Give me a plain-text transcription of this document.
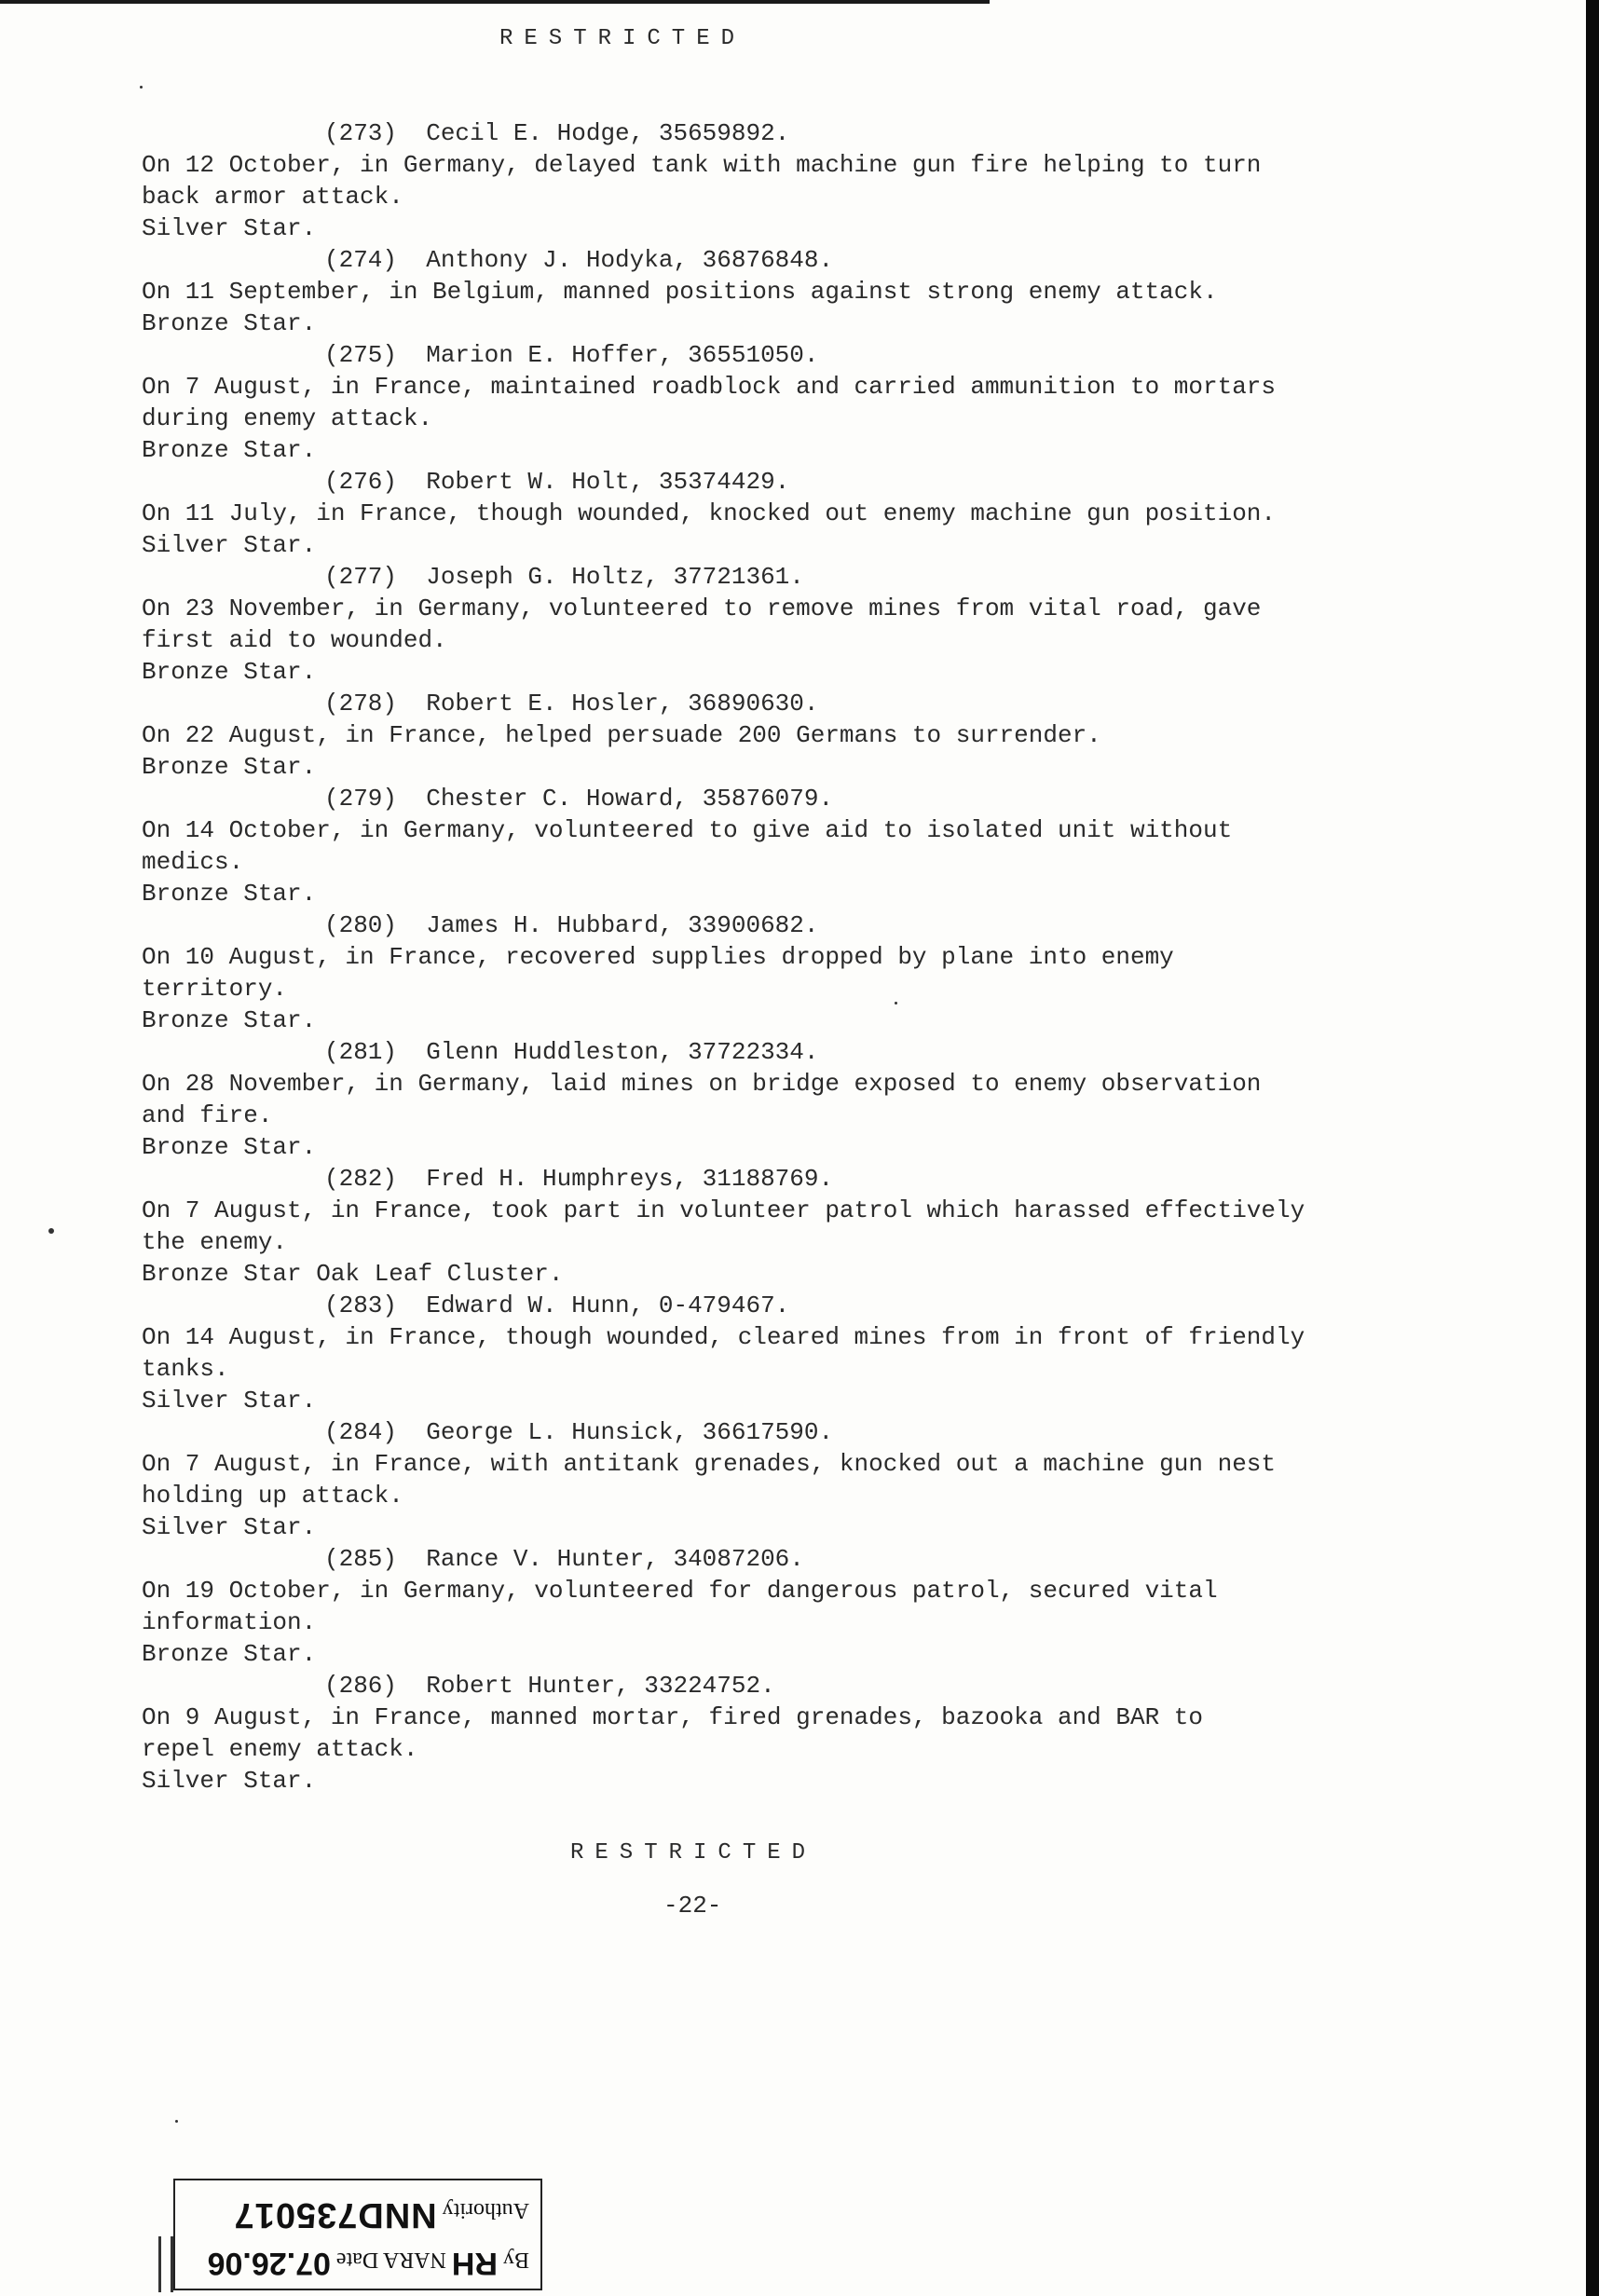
RESTRICTED
(273)  Cecil E. Hodge, 35659892.
On 12 October, in Germany, delayed tank with machine gun fire helping to turn
back armor attack.
Silver Star.
(274)  Anthony J. Hodyka, 36876848.
On 11 September, in Belgium, manned positions against strong enemy attack.
Bronze Star.
(275)  Marion E. Hoffer, 36551050.
On 7 August, in France, maintained roadblock and carried ammunition to mortars
during enemy attack.
Bronze Star.
(276)  Robert W. Holt, 35374429.
On 11 July, in France, though wounded, knocked out enemy machine gun position.
Silver Star.
(277)  Joseph G. Holtz, 37721361.
On 23 November, in Germany, volunteered to remove mines from vital road, gave
first aid to wounded.
Bronze Star.
(278)  Robert E. Hosler, 36890630.
On 22 August, in France, helped persuade 200 Germans to surrender.
Bronze Star.
(279)  Chester C. Howard, 35876079.
On 14 October, in Germany, volunteered to give aid to isolated unit without
medics.
Bronze Star.
(280)  James H. Hubbard, 33900682.
On 10 August, in France, recovered supplies dropped by plane into enemy
territory.
Bronze Star.
(281)  Glenn Huddleston, 37722334.
On 28 November, in Germany, laid mines on bridge exposed to enemy observation
and fire.
Bronze Star.
(282)  Fred H. Humphreys, 31188769.
On 7 August, in France, took part in volunteer patrol which harassed effectively
the enemy.
Bronze Star Oak Leaf Cluster.
(283)  Edward W. Hunn, 0-479467.
On 14 August, in France, though wounded, cleared mines from in front of friendly
tanks.
Silver Star.
(284)  George L. Hunsick, 36617590.
On 7 August, in France, with antitank grenades, knocked out a machine gun nest
holding up attack.
Silver Star.
(285)  Rance V. Hunter, 34087206.
On 19 October, in Germany, volunteered for dangerous patrol, secured vital
information.
Bronze Star.
(286)  Robert Hunter, 33224752.
On 9 August, in France, manned mortar, fired grenades, bazooka and BAR to
repel enemy attack.
Silver Star.
RESTRICTED
-22-
By RH NARA Date 07.26.06
Authority NND735017
